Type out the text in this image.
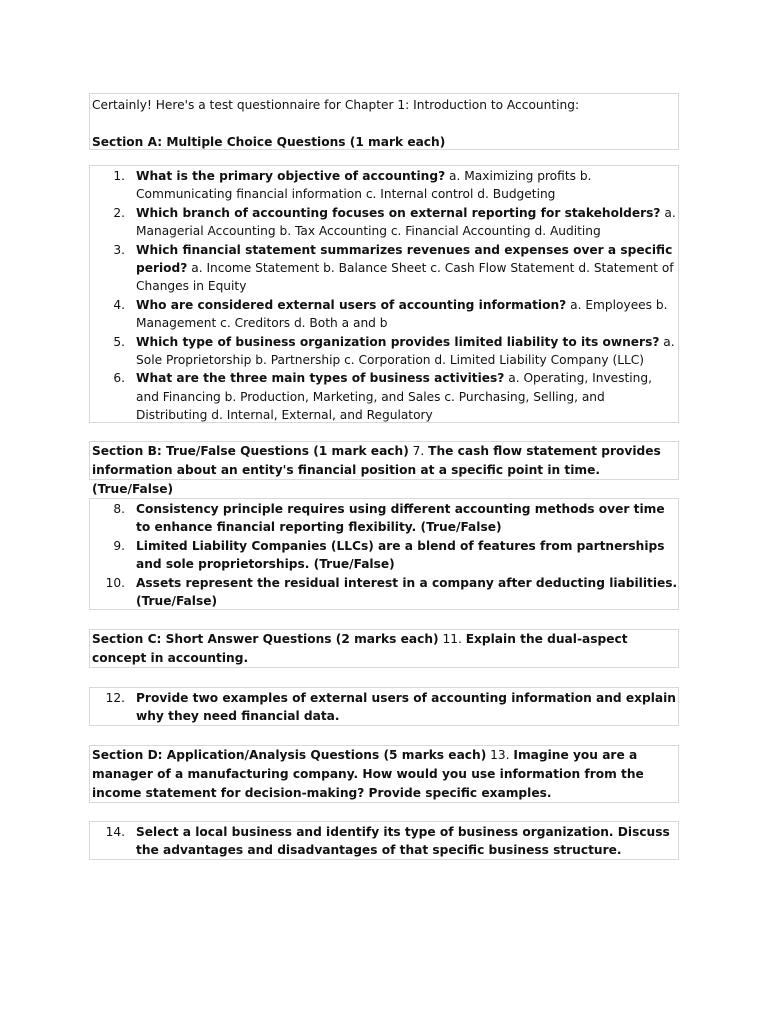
Certainly! Here's a test questionnaire for Chapter 1: Introduction to Accounting:

Section A: Multiple Choice Questions (1 mark each)

1. What is the primary objective of accounting? a. Maximizing profits b. Communicating financial information c. Internal control d. Budgeting
2. Which branch of accounting focuses on external reporting for stakeholders? a. Managerial Accounting b. Tax Accounting c. Financial Accounting d. Auditing
3. Which financial statement summarizes revenues and expenses over a specific period? a. Income Statement b. Balance Sheet c. Cash Flow Statement d. Statement of Changes in Equity
4. Who are considered external users of accounting information? a. Employees b. Management c. Creditors d. Both a and b
5. Which type of business organization provides limited liability to its owners? a. Sole Proprietorship b. Partnership c. Corporation d. Limited Liability Company (LLC)
6. What are the three main types of business activities? a. Operating, Investing, and Financing b. Production, Marketing, and Sales c. Purchasing, Selling, and Distributing d. Internal, External, and Regulatory
Section B: True/False Questions (1 mark each) 7. The cash flow statement provides information about an entity's financial position at a specific point in time. (True/False)
8. Consistency principle requires using different accounting methods over time to enhance financial reporting flexibility. (True/False)
9. Limited Liability Companies (LLCs) are a blend of features from partnerships and sole proprietorships. (True/False)
10. Assets represent the residual interest in a company after deducting liabilities. (True/False)
Section C: Short Answer Questions (2 marks each) 11. Explain the dual-aspect concept in accounting.
12. Provide two examples of external users of accounting information and explain why they need financial data.
Section D: Application/Analysis Questions (5 marks each) 13. Imagine you are a manager of a manufacturing company. How would you use information from the income statement for decision-making? Provide specific examples.
14. Select a local business and identify its type of business organization. Discuss the advantages and disadvantages of that specific business structure.
